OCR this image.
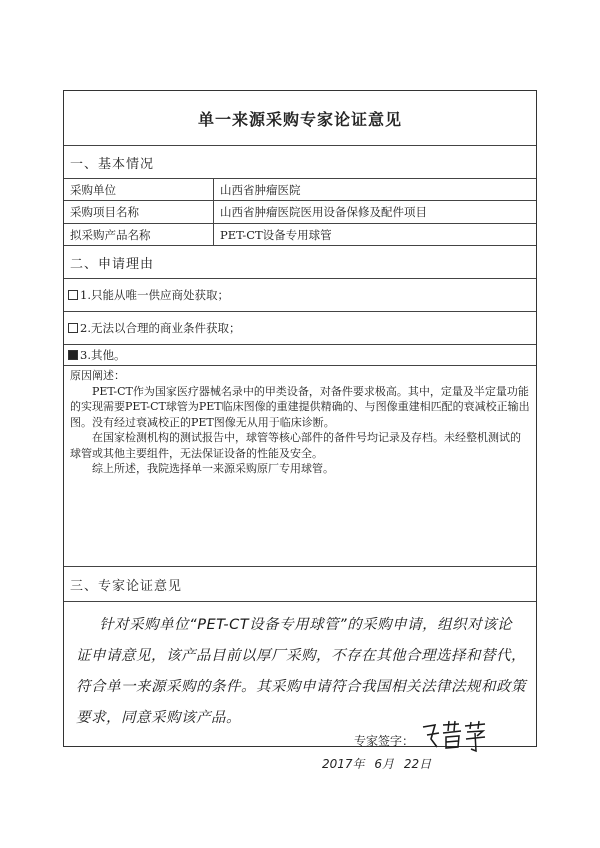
单一来源采购专家论证意见
一、基本情况
采购单位	山西省肿瘤医院
采购项目名称	山西省肿瘤医院医用设备保修及配件项目
拟采购产品名称	PET-CT设备专用球管
二、申请理由
1.只能从唯一供应商处获取；
2.无法以合理的商业条件获取；
3.其他。

原因阐述：

PET-CT作为国家医疗器械名录中的甲类设备，对备件要求极高。其中，定量及半定量功能的实现需要PET-CT球管为PET临床图像的重建提供精确的、与图像重建相匹配的衰减校正输出图。没有经过衰减校正的PET图像无从用于临床诊断。

在国家检测机构的测试报告中，球管等核心部件的备件号均记录及存档。未经整机测试的球管或其他主要组件，无法保证设备的性能及安全。

综上所述，我院选择单一来源采购原厂专用球管。

三、专家论证意见

针对采购单位“PET-CT设备专用球管”的采购申请，组织对该论证申请意见，该产品目前以厚厂采购，不存在其他合理选择和替代，符合单一来源采购的条件。其采购申请符合我国相关法律法规和政策要求，同意采购该产品。

专家签字：
2017年 6月 22日
